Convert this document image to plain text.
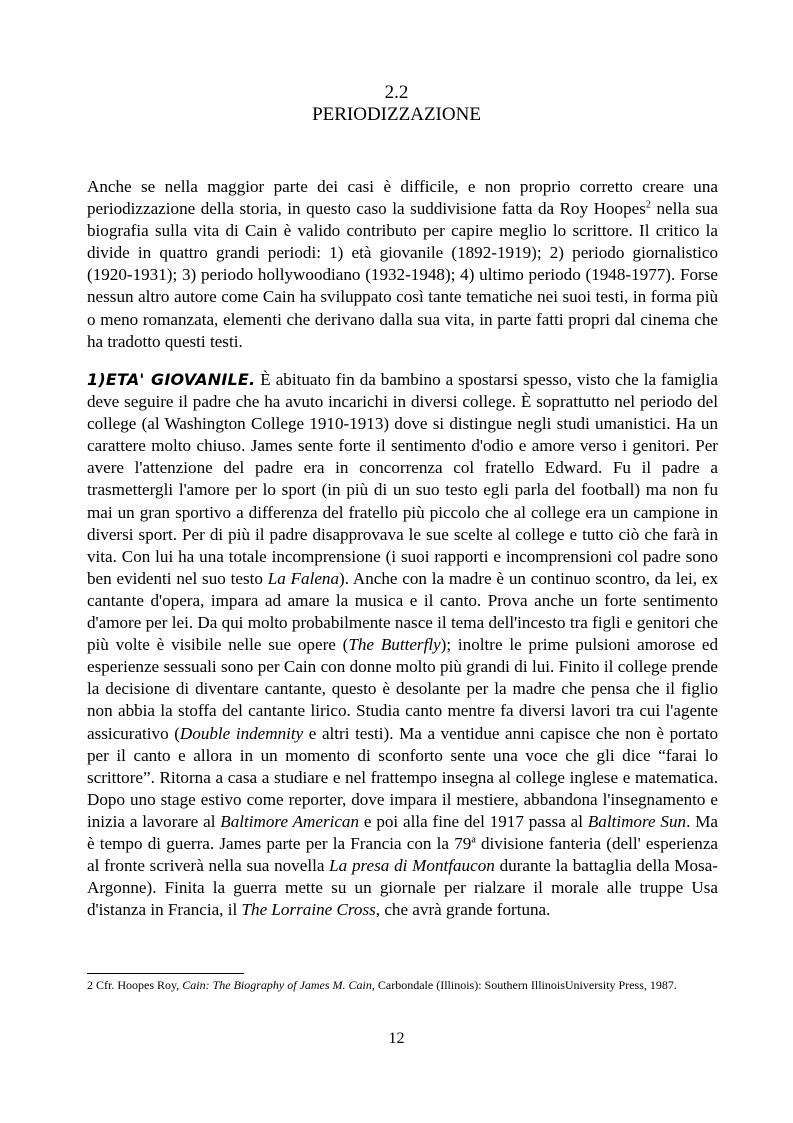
2.2
PERIODIZZAZIONE

Anche se nella maggior parte dei casi è difficile, e non proprio corretto creare una periodizzazione della storia, in questo caso la suddivisione fatta da Roy Hoopes$^2$ nella sua biografia sulla vita di Cain è valido contributo per capire meglio lo scrittore. Il critico la divide in quattro grandi periodi: 1) età giovanile (1892-1919); 2) periodo giornalistico (1920-1931); 3) periodo hollywoodiano (1932-1948); 4) ultimo periodo (1948-1977). Forse nessun altro autore come Cain ha sviluppato così tante tematiche nei suoi testi, in forma più o meno romanzata, elementi che derivano dalla sua vita, in parte fatti propri dal cinema che ha tradotto questi testi.

1)ETA' GIOVANILE. È abituato fin da bambino a spostarsi spesso, visto che la famiglia deve seguire il padre che ha avuto incarichi in diversi college. È soprattutto nel periodo del college (al Washington College 1910-1913) dove si distingue negli studi umanistici. Ha un carattere molto chiuso. James sente forte il sentimento d'odio e amore verso i genitori. Per avere l'attenzione del padre era in concorrenza col fratello Edward. Fu il padre a trasmettergli l'amore per lo sport (in più di un suo testo egli parla del football) ma non fu mai un gran sportivo a differenza del fratello più piccolo che al college era un campione in diversi sport. Per di più il padre disapprovava le sue scelte al college e tutto ciò che farà in vita. Con lui ha una totale incomprensione (i suoi rapporti e incomprensioni col padre sono ben evidenti nel suo testo La Falena). Anche con la madre è un continuo scontro, da lei, ex cantante d'opera, impara ad amare la musica e il canto. Prova anche un forte sentimento d'amore per lei. Da qui molto probabilmente nasce il tema dell'incesto tra figli e genitori che più volte è visibile nelle sue opere (The Butterfly); inoltre le prime pulsioni amorose ed esperienze sessuali sono per Cain con donne molto più grandi di lui. Finito il college prende la decisione di diventare cantante, questo è desolante per la madre che pensa che il figlio non abbia la stoffa del cantante lirico. Studia canto mentre fa diversi lavori tra cui l'agente assicurativo (Double indemnity e altri testi). Ma a ventidue anni capisce che non è portato per il canto e allora in un momento di sconforto sente una voce che gli dice “farai lo scrittore”. Ritorna a casa a studiare e nel frattempo insegna al college inglese e matematica. Dopo uno stage estivo come reporter, dove impara il mestiere, abbandona l'insegnamento e inizia a lavorare al Baltimore American e poi alla fine del 1917 passa al Baltimore Sun. Ma è tempo di guerra. James parte per la Francia con la 79$^a$ divisione fanteria (dell' esperienza al fronte scriverà nella sua novella La presa di Montfaucon durante la battaglia della Mosa-Argonne). Finita la guerra mette su un giornale per rialzare il morale alle truppe Usa d'istanza in Francia, il The Lorraine Cross, che avrà grande fortuna.

2 Cfr. Hoopes Roy, Cain: The Biography of James M. Cain, Carbondale (Illinois): Southern IllinoisUniversity Press, 1987.

12
